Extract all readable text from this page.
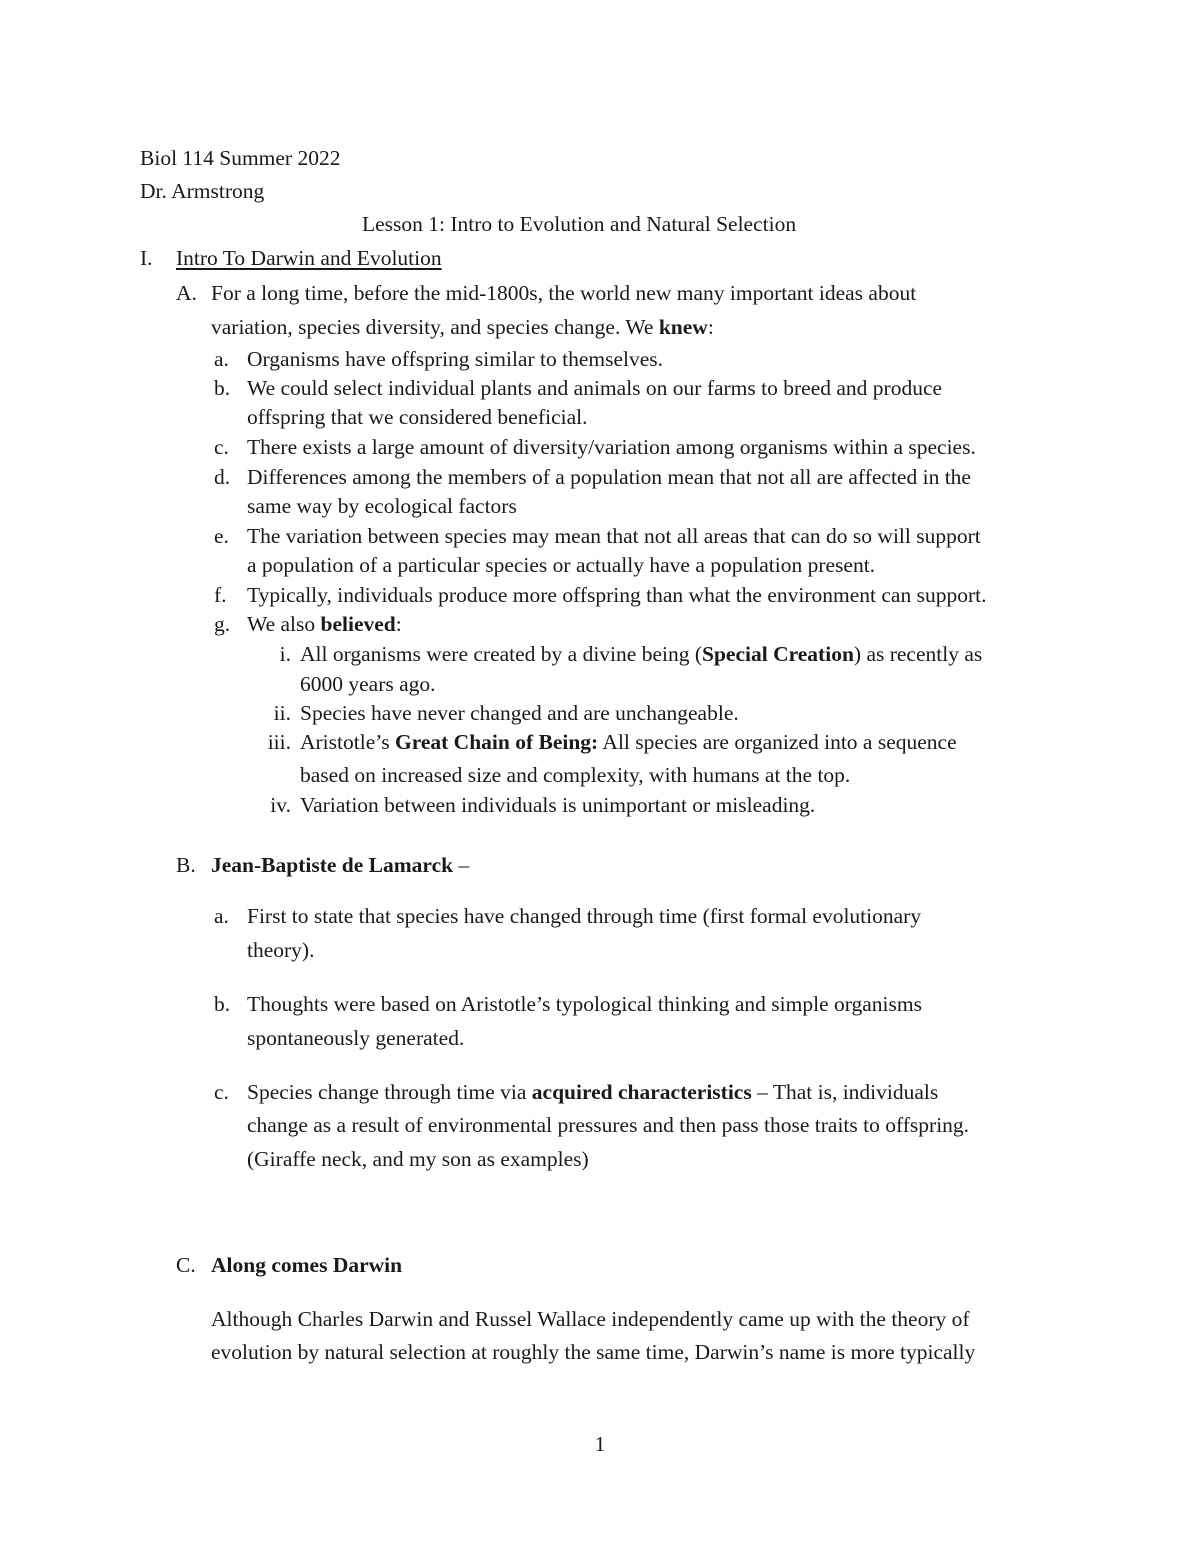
Biol 114 Summer 2022
Dr. Armstrong
Lesson 1: Intro to Evolution and Natural Selection
I. Intro To Darwin and Evolution
A. For a long time, before the mid-1800s, the world new many important ideas about
variation, species diversity, and species change. We knew:
a. Organisms have offspring similar to themselves.
b. We could select individual plants and animals on our farms to breed and produce
offspring that we considered beneficial.
c. There exists a large amount of diversity/variation among organisms within a species.
d. Differences among the members of a population mean that not all are affected in the
same way by ecological factors
e. The variation between species may mean that not all areas that can do so will support
a population of a particular species or actually have a population present.
f. Typically, individuals produce more offspring than what the environment can support.
g. We also believed:
i. All organisms were created by a divine being (Special Creation) as recently as
6000 years ago.
ii. Species have never changed and are unchangeable.
iii. Aristotle’s Great Chain of Being: All species are organized into a sequence
based on increased size and complexity, with humans at the top.
iv. Variation between individuals is unimportant or misleading.
B. Jean-Baptiste de Lamarck –
a. First to state that species have changed through time (first formal evolutionary
theory).
b. Thoughts were based on Aristotle’s typological thinking and simple organisms
spontaneously generated.
c. Species change through time via acquired characteristics – That is, individuals
change as a result of environmental pressures and then pass those traits to offspring.
(Giraffe neck, and my son as examples)
C. Along comes Darwin
Although Charles Darwin and Russel Wallace independently came up with the theory of
evolution by natural selection at roughly the same time, Darwin’s name is more typically
1
